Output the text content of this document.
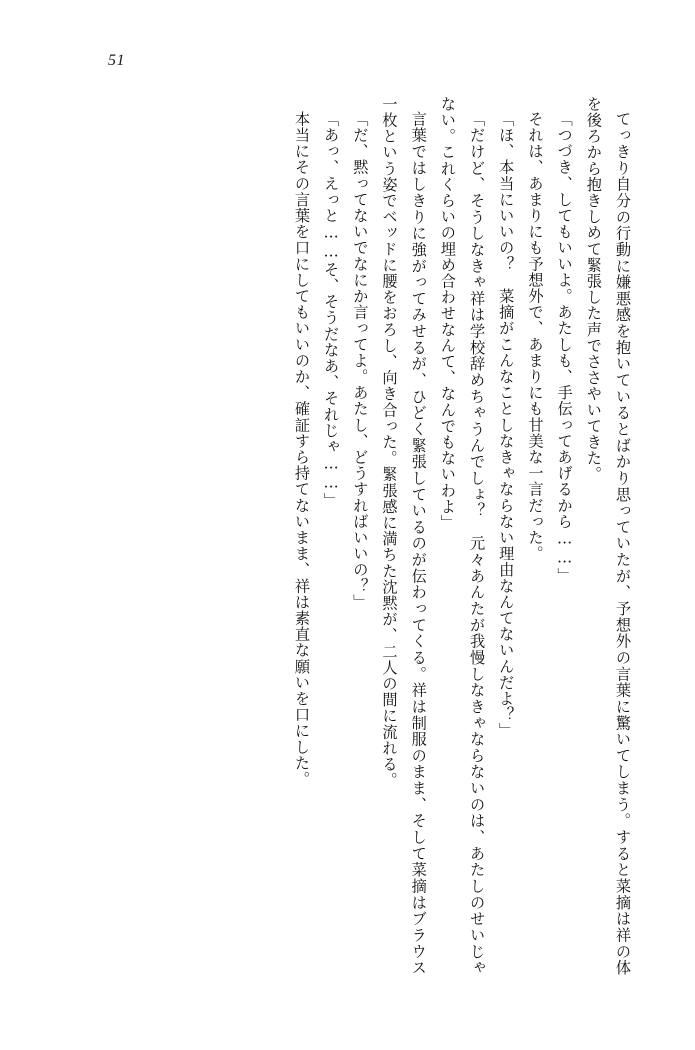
51
てっきり自分の行動に嫌悪感を抱いているとばかり思っていたが、予想外の言葉に驚いてしまう。すると菜摘は祥の体を後ろから抱きしめて緊張した声でささやいてきた。
「つづき、してもいいよ。あたしも、手伝ってあげるから……」
それは、あまりにも予想外で、あまりにも甘美な一言だった。
「ほ、本当にいいの？　菜摘がこんなことしなきゃならない理由なんてないんだよ？」
「だけど、そうしなきゃ祥は学校辞めちゃうんでしょ？　元々あんたが我慢しなきゃならないのは、あたしのせいじゃない。これくらいの埋め合わせなんて、なんでもないわよ」
言葉ではしきりに強がってみせるが、ひどく緊張しているのが伝わってくる。祥は制服のまま、そして菜摘はブラウス一枚という姿でベッドに腰をおろし、向き合った。緊張感に満ちた沈黙が、二人の間に流れる。
「だ、黙ってないでなにか言ってよ。あたし、どうすればいいの？」
「あっ、えっと……そ、そうだなあ、それじゃ……」
本当にその言葉を口にしてもいいのか、確証すら持てないまま、祥は素直な願いを口にした。
